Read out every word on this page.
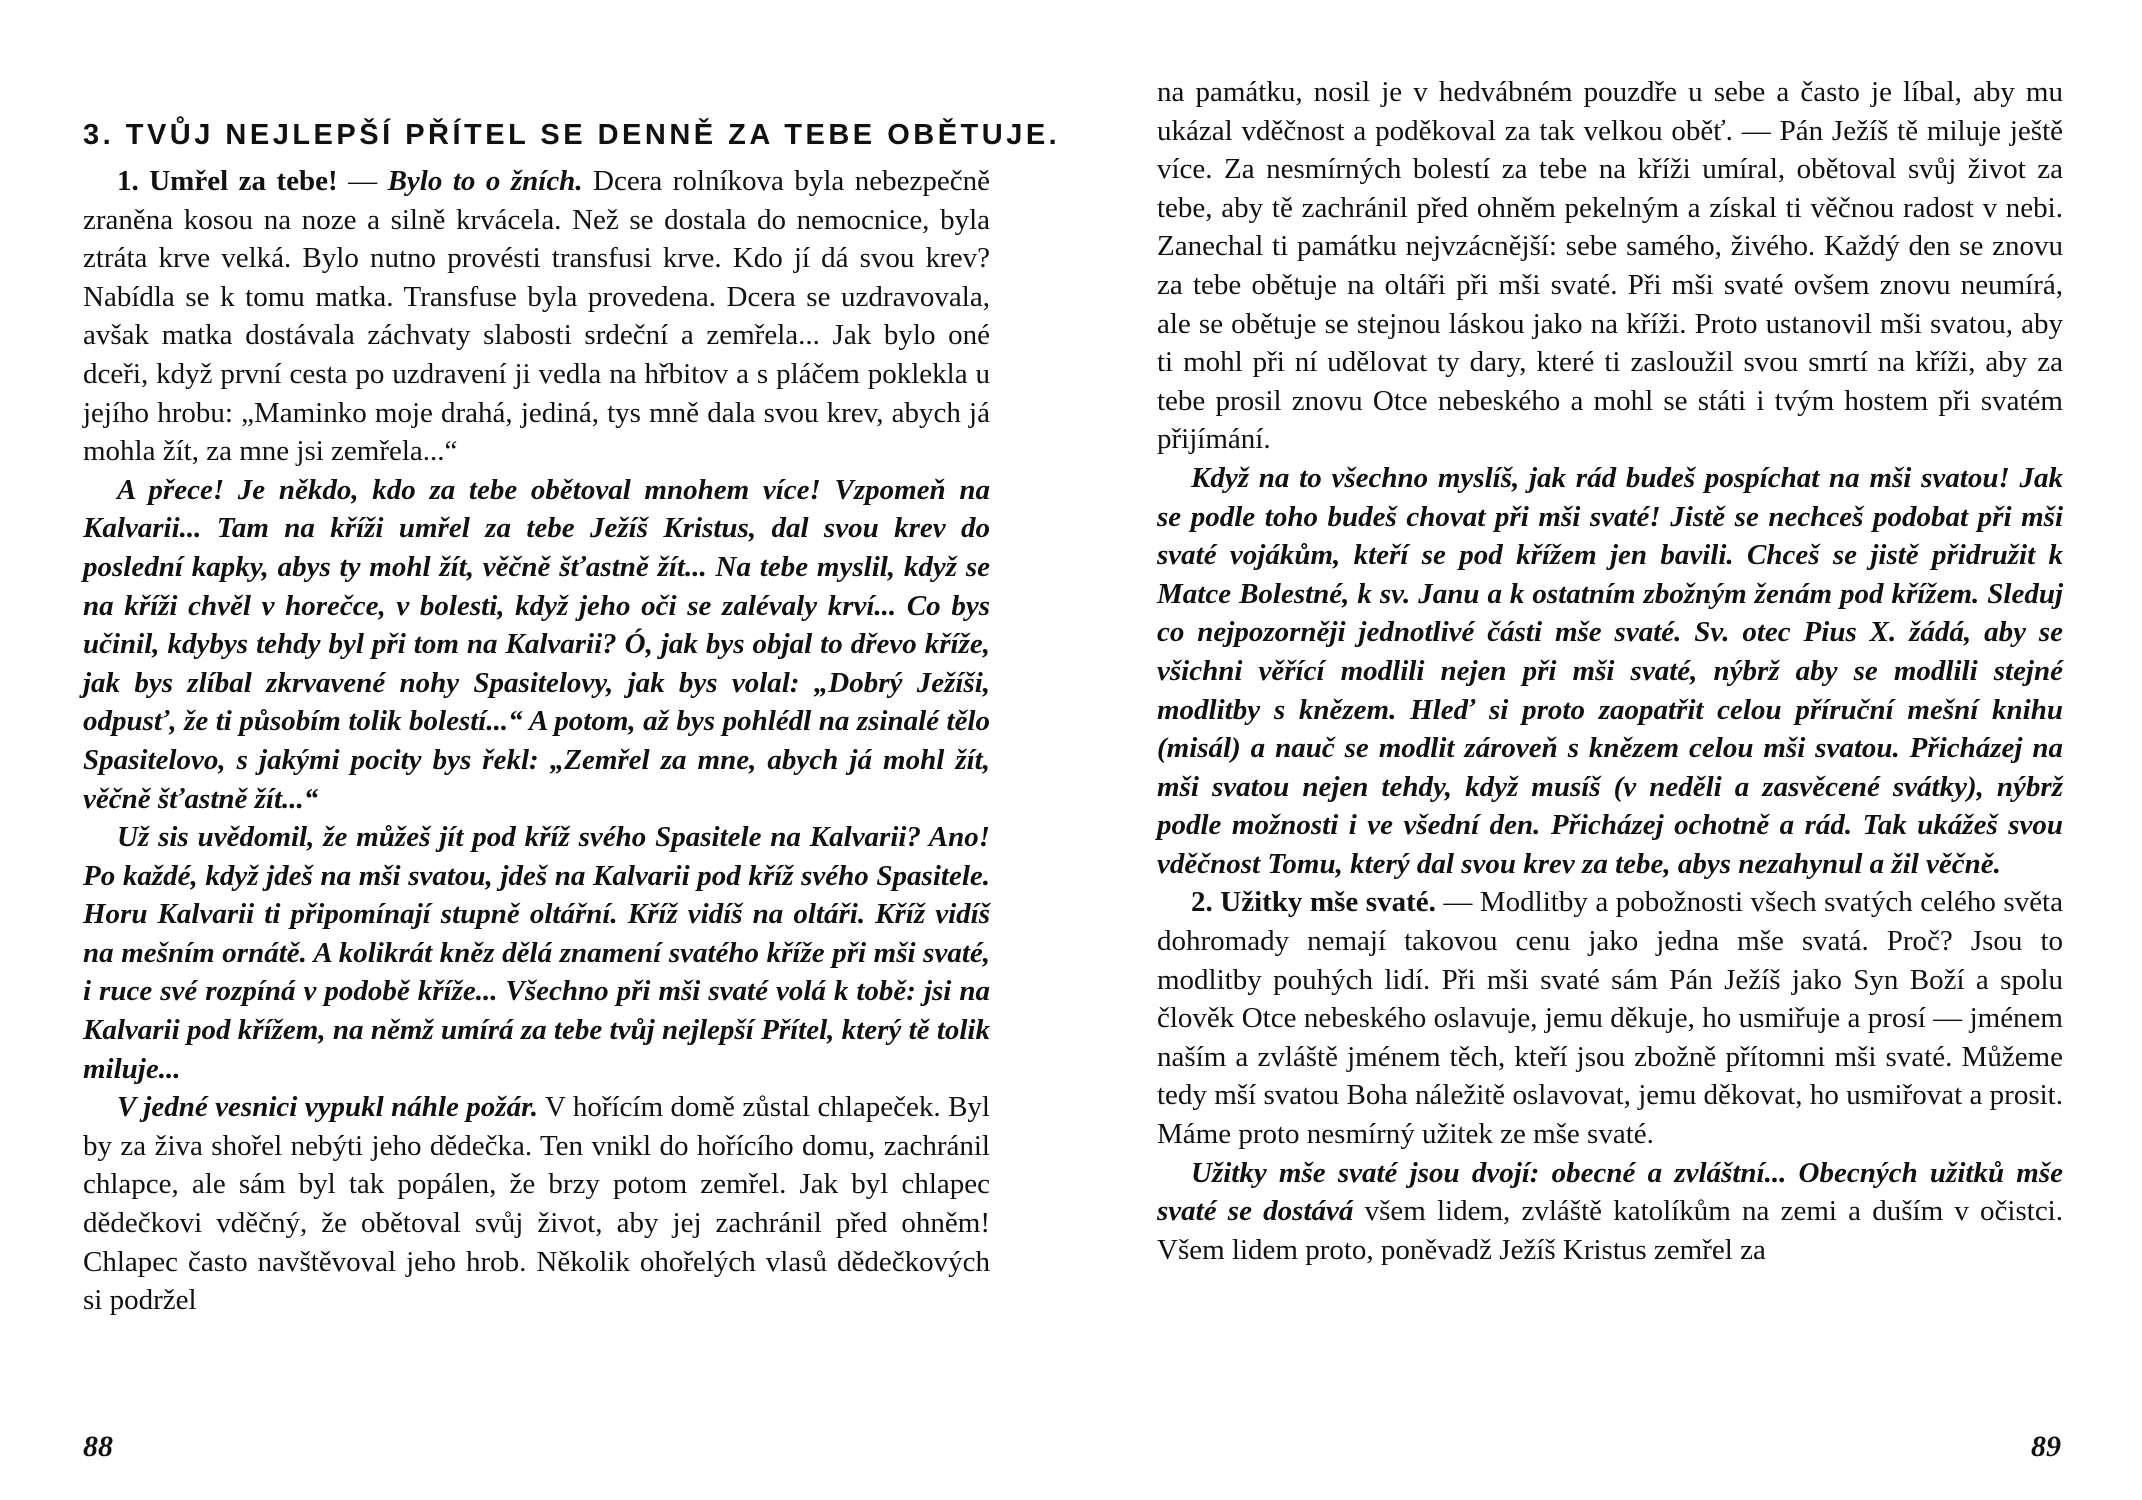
3. TVŮJ NEJLEPŠÍ PŘÍTEL SE DENNĚ ZA TEBE OBĚTUJE.

1. Umřel za tebe! — Bylo to o žních. Dcera rolníkova byla nebezpečně zraněna kosou na noze a silně krvácela. Než se dostala do nemocnice, byla ztráta krve velká. Bylo nutno provésti transfusi krve. Kdo jí dá svou krev? Nabídla se k tomu matka. Transfuse byla provedena. Dcera se uzdravovala, avšak matka dostávala záchvaty slabosti srdeční a zemřela... Jak bylo oné dceři, když první cesta po uzdravení ji vedla na hřbitov a s pláčem poklekla u jejího hrobu: „Maminko moje drahá, jediná, tys mně dala svou krev, abych já mohla žít, za mne jsi zemřela...“

A přece! Je někdo, kdo za tebe obětoval mnohem více! Vzpomeň na Kalvarii... Tam na kříži umřel za tebe Ježíš Kristus, dal svou krev do poslední kapky, abys ty mohl žít, věčně šťastně žít... Na tebe myslil, když se na kříži chvěl v horečce, v bolesti, když jeho oči se zalévaly krví... Co bys učinil, kdybys tehdy byl při tom na Kalvarii? Ó, jak bys objal to dřevo kříže, jak bys zlíbal zkrvavené nohy Spasitelovy, jak bys volal: „Dobrý Ježíši, odpusť, že ti působím tolik bolestí...“ A potom, až bys pohlédl na zsinalé tělo Spasitelovo, s jakými pocity bys řekl: „Zemřel za mne, abych já mohl žít, věčně šťastně žít...“

Už sis uvědomil, že můžeš jít pod kříž svého Spasitele na Kalvarii? Ano! Po každé, když jdeš na mši svatou, jdeš na Kalvarii pod kříž svého Spasitele. Horu Kalvarii ti připomínají stupně oltářní. Kříž vidíš na oltáři. Kříž vidíš na mešním ornátě. A kolikrát kněz dělá znamení svatého kříže při mši svaté, i ruce své rozpíná v podobě kříže... Všechno při mši svaté volá k tobě: jsi na Kalvarii pod křížem, na němž umírá za tebe tvůj nejlepší Přítel, který tě tolik miluje...

V jedné vesnici vypukl náhle požár. V hořícím domě zůstal chlapeček. Byl by za živa shořel nebýti jeho dědečka. Ten vnikl do hořícího domu, zachránil chlapce, ale sám byl tak popálen, že brzy potom zemřel. Jak byl chlapec dědečkovi vděčný, že obětoval svůj život, aby jej zachránil před ohněm! Chlapec často navštěvoval jeho hrob. Několik ohořelých vlasů dědečkových si podržel

88

na památku, nosil je v hedvábném pouzdře u sebe a často je líbal, aby mu ukázal vděčnost a poděkoval za tak velkou oběť. — Pán Ježíš tě miluje ještě více. Za nesmírných bolestí za tebe na kříži umíral, obětoval svůj život za tebe, aby tě zachránil před ohněm pekelným a získal ti věčnou radost v nebi. Zanechal ti památku nejvzácnější: sebe samého, živého. Každý den se znovu za tebe obětuje na oltáři při mši svaté. Při mši svaté ovšem znovu neumírá, ale se obětuje se stejnou láskou jako na kříži. Proto ustanovil mši svatou, aby ti mohl při ní udělovat ty dary, které ti zasloužil svou smrtí na kříži, aby za tebe prosil znovu Otce nebeského a mohl se státi i tvým hostem při svatém přijímání.

Když na to všechno myslíš, jak rád budeš pospíchat na mši svatou! Jak se podle toho budeš chovat při mši svaté! Jistě se nechceš podobat při mši svaté vojákům, kteří se pod křížem jen bavili. Chceš se jistě přidružit k Matce Bolestné, k sv. Janu a k ostatním zbožným ženám pod křížem. Sleduj co nejpozorněji jednotlivé části mše svaté. Sv. otec Pius X. žádá, aby se všichni věřící modlili nejen při mši svaté, nýbrž aby se modlili stejné modlitby s knězem. Hleď si proto zaopatřit celou příruční mešní knihu (misál) a nauč se modlit zároveň s knězem celou mši svatou. Přicházej na mši svatou nejen tehdy, když musíš (v neděli a zasvěcené svátky), nýbrž podle možnosti i ve všední den. Přicházej ochotně a rád. Tak ukážeš svou vděčnost Tomu, který dal svou krev za tebe, abys nezahynul a žil věčně.

2. Užitky mše svaté. — Modlitby a pobožnosti všech svatých celého světa dohromady nemají takovou cenu jako jedna mše svatá. Proč? Jsou to modlitby pouhých lidí. Při mši svaté sám Pán Ježíš jako Syn Boží a spolu člověk Otce nebeského oslavuje, jemu děkuje, ho usmiřuje a prosí — jménem naším a zvláště jménem těch, kteří jsou zbožně přítomni mši svaté. Můžeme tedy mší svatou Boha náležitě oslavovat, jemu děkovat, ho usmiřovat a prosit. Máme proto nesmírný užitek ze mše svaté.

Užitky mše svaté jsou dvojí: obecné a zvláštní... Obecných užitků mše svaté se dostává všem lidem, zvláště katolíkům na zemi a duším v očistci. Všem lidem proto, poněvadž Ježíš Kristus zemřel za

89
